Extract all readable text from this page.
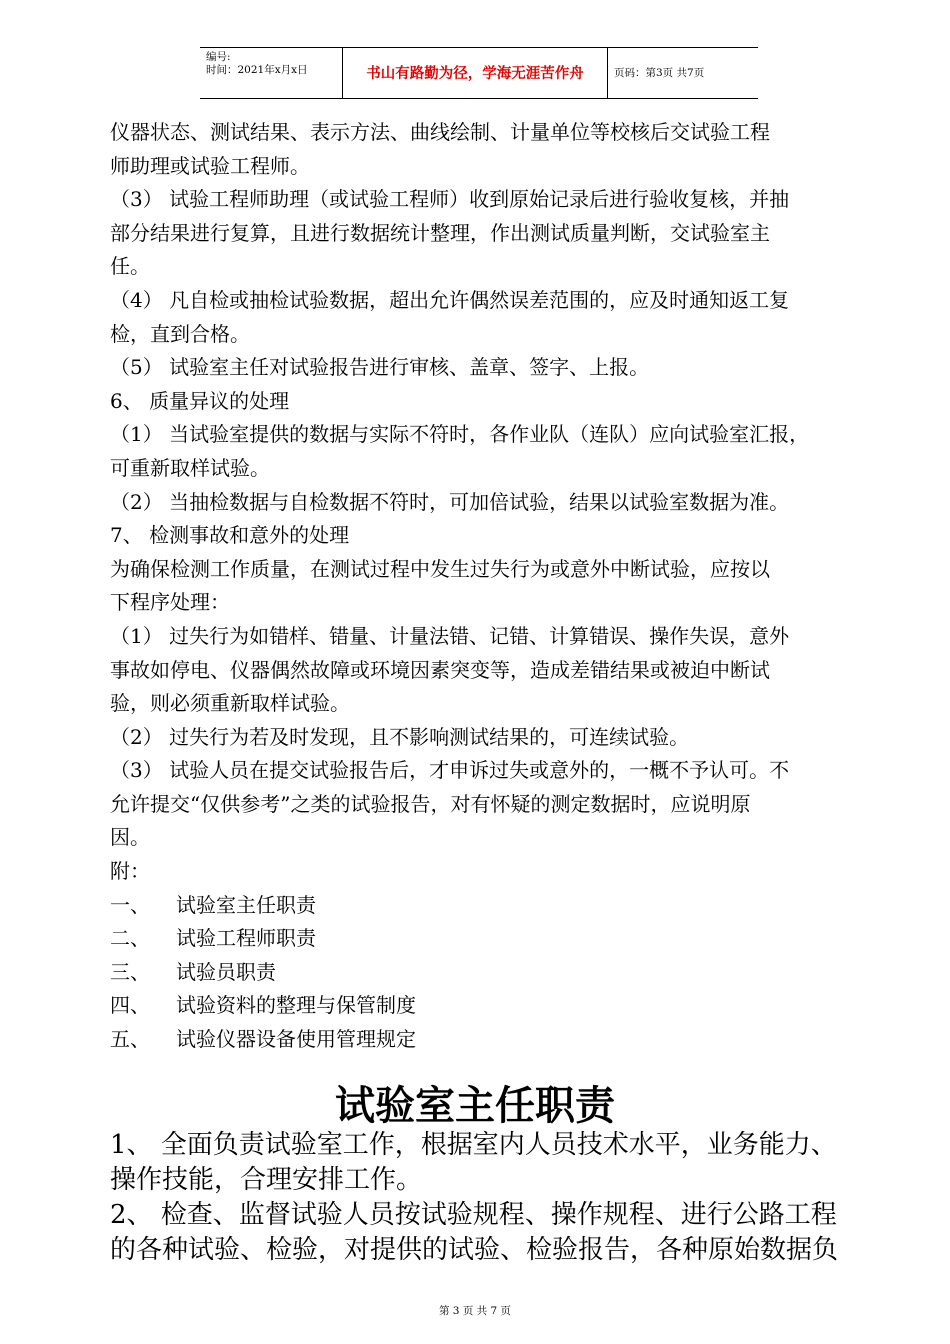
编号:
时间：2021年x月x日	书山有路勤为径，学海无涯苦作舟	页码：第3页 共7页

仪器状态、测试结果、表示方法、曲线绘制、计量单位等校核后交试验工程

师助理或试验工程师。

（3） 试验工程师助理（或试验工程师）收到原始记录后进行验收复核，并抽

部分结果进行复算，且进行数据统计整理，作出测试质量判断，交试验室主

任。

（4） 凡自检或抽检试验数据，超出允许偶然误差范围的，应及时通知返工复

检，直到合格。

（5） 试验室主任对试验报告进行审核、盖章、签字、上报。

6、 质量异议的处理

（1） 当试验室提供的数据与实际不符时，各作业队（连队）应向试验室汇报，

可重新取样试验。

（2） 当抽检数据与自检数据不符时，可加倍试验，结果以试验室数据为准。

7、 检测事故和意外的处理

为确保检测工作质量，在测试过程中发生过失行为或意外中断试验，应按以

下程序处理：

（1） 过失行为如错样、错量、计量法错、记错、计算错误、操作失误，意外

事故如停电、仪器偶然故障或环境因素突变等，造成差错结果或被迫中断试

验，则必须重新取样试验。

（2） 过失行为若及时发现，且不影响测试结果的，可连续试验。

（3） 试验人员在提交试验报告后，才申诉过失或意外的，一概不予认可。不

允许提交“仅供参考”之类的试验报告，对有怀疑的测定数据时，应说明原

因。

附：

一、	试验室主任职责
二、	试验工程师职责
三、	试验员职责
四、	试验资料的整理与保管制度
五、	试验仪器设备使用管理规定
试验室主任职责

1、 全面负责试验室工作，根据室内人员技术水平，业务能力、

操作技能，合理安排工作。

2、 检查、监督试验人员按试验规程、操作规程、进行公路工程

的各种试验、检验，对提供的试验、检验报告，各种原始数据负

第 3 页 共 7 页
